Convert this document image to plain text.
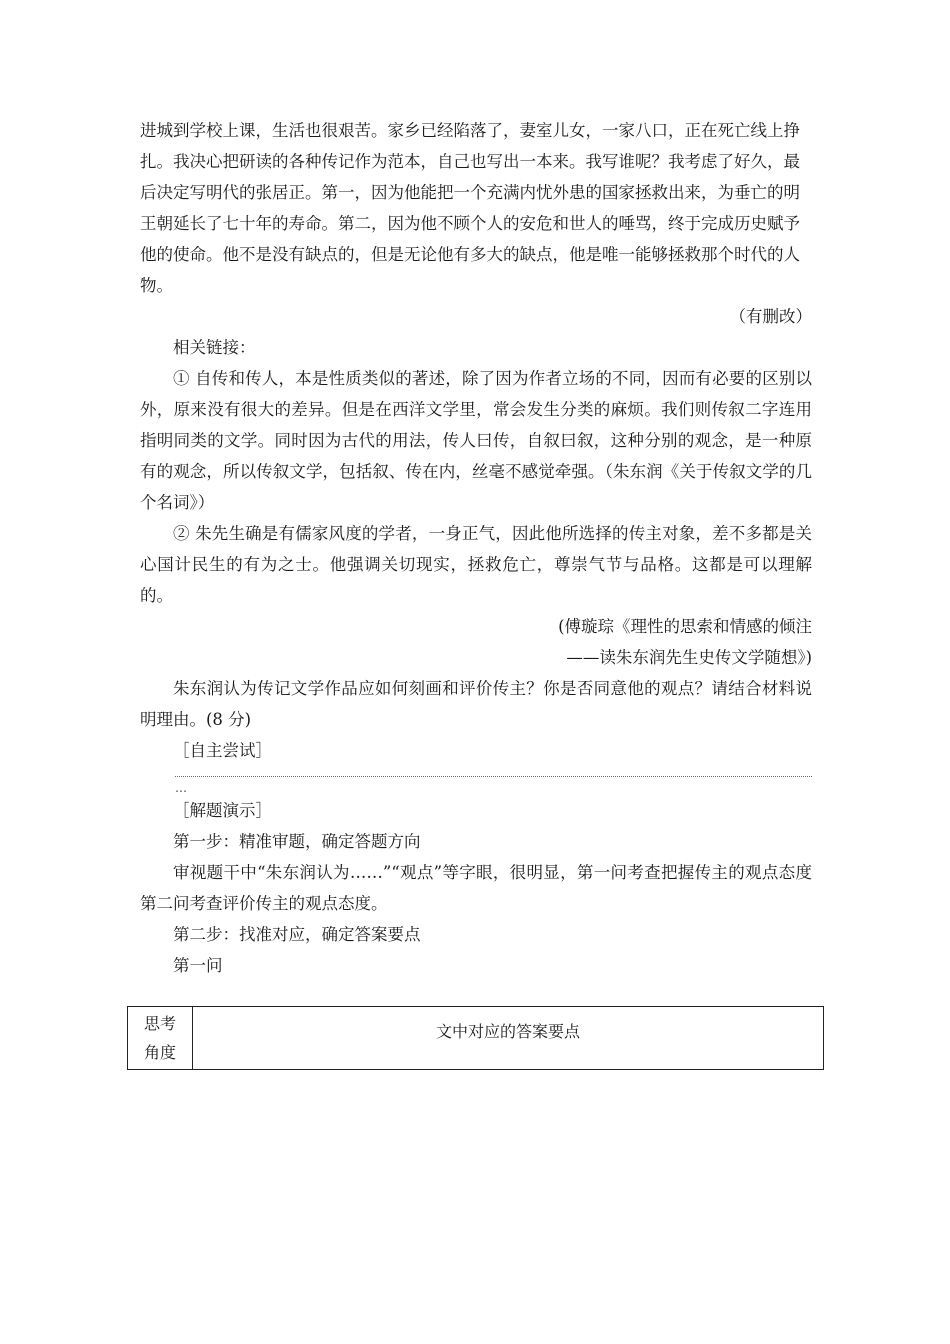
进城到学校上课，生活也很艰苦。家乡已经陷落了，妻室儿女，一家八口，正在死亡线上挣

扎。我决心把研读的各种传记作为范本，自己也写出一本来。我写谁呢？我考虑了好久，最

后决定写明代的张居正。第一，因为他能把一个充满内忧外患的国家拯救出来，为垂亡的明

王朝延长了七十年的寿命。第二，因为他不顾个人的安危和世人的唾骂，终于完成历史赋予

他的使命。他不是没有缺点的，但是无论他有多大的缺点，他是唯一能够拯救那个时代的人

物。

（有删改）

相关链接：

① 自传和传人，本是性质类似的著述，除了因为作者立场的不同，因而有必要的区别以外，原来没有很大的差异。但是在西洋文学里，常会发生分类的麻烦。我们则传叙二字连用指明同类的文学。同时因为古代的用法，传人曰传，自叙曰叙，这种分别的观念，是一种原有的观念，所以传叙文学，包括叙、传在内，丝毫不感觉牵强。（朱东润《关于传叙文学的几个名词》）

② 朱先生确是有儒家风度的学者，一身正气，因此他所选择的传主对象，差不多都是关心国计民生的有为之士。他强调关切现实，拯救危亡，尊崇气节与品格。这都是可以理解的。

(傅璇琮《理性的思索和情感的倾注

——读朱东润先生史传文学随想》)

朱东润认为传记文学作品应如何刻画和评价传主？你是否同意他的观点？请结合材料说明理由。(8 分)

［自主尝试］

…

［解题演示］

第一步：精准审题，确定答题方向

审视题干中“朱东润认为……”“观点”等字眼，很明显，第一问考查把握传主的观点态度第二问考查评价传主的观点态度。

第二步：找准对应，确定答案要点

第一问

思考
角度
	文中对应的答案要点
